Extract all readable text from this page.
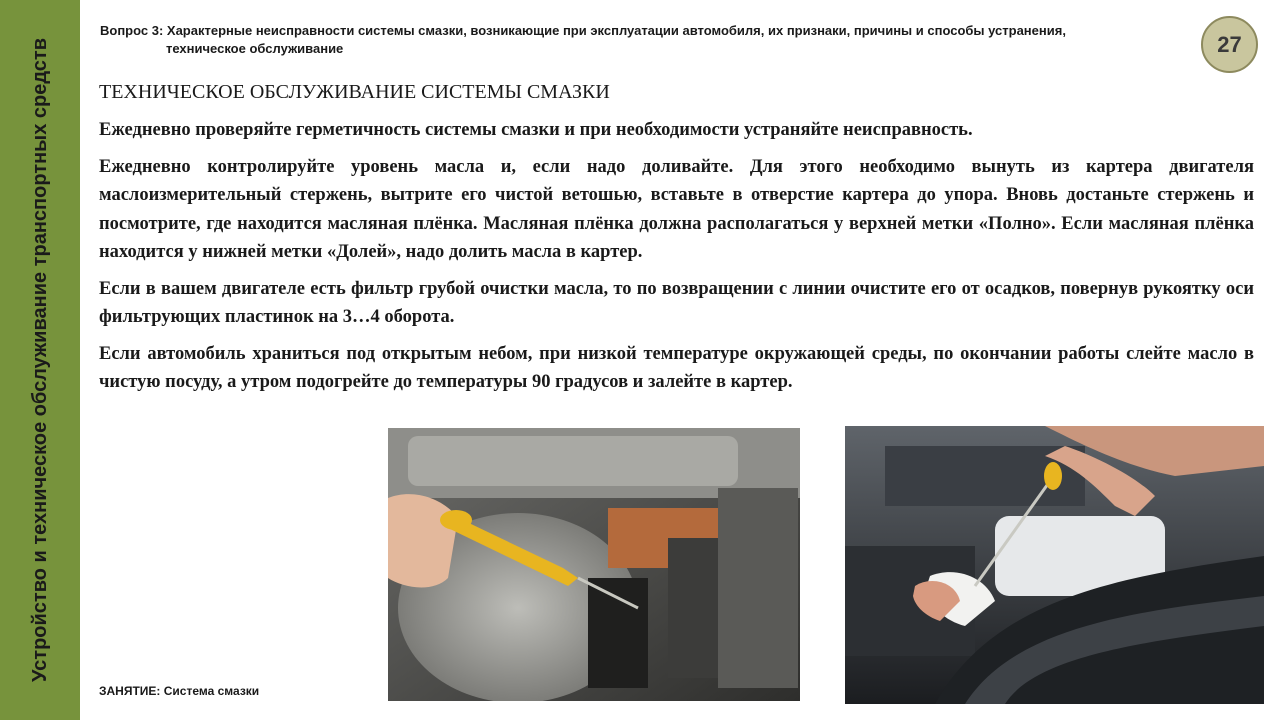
Устройство и техническое обслуживание транспортных средств
Вопрос 3: Характерные неисправности системы смазки, возникающие при эксплуатации автомобиля, их признаки, причины и способы устранения,
техническое обслуживание	27
ТЕХНИЧЕСКОЕ ОБСЛУЖИВАНИЕ СИСТЕМЫ СМАЗКИ

Ежедневно проверяйте герметичность системы смазки и при необходимости устраняйте неисправность.

Ежедневно контролируйте уровень масла и, если надо доливайте. Для этого необходимо вынуть из картера двигателя маслоизмерительный стержень, вытрите его чистой ветошью, вставьте в отверстие картера до упора. Вновь достаньте стержень и посмотрите, где находится масляная плёнка. Масляная плёнка должна располагаться у верхней метки «Полно». Если масляная плёнка находится у нижней метки «Долей», надо долить масла в картер.

Если в вашем двигателе есть фильтр грубой очистки масла, то по возвращении с линии очистите его от осадков, повернув рукоятку оси фильтрующих пластинок на 3…4 оборота.

Если автомобиль храниться под открытым небом, при низкой температуре окружающей среды, по окончании работы слейте масло в чистую посуду, а утром подогрейте до температуры 90 градусов и залейте в картер.

ЗАНЯТИЕ: Система смазки
